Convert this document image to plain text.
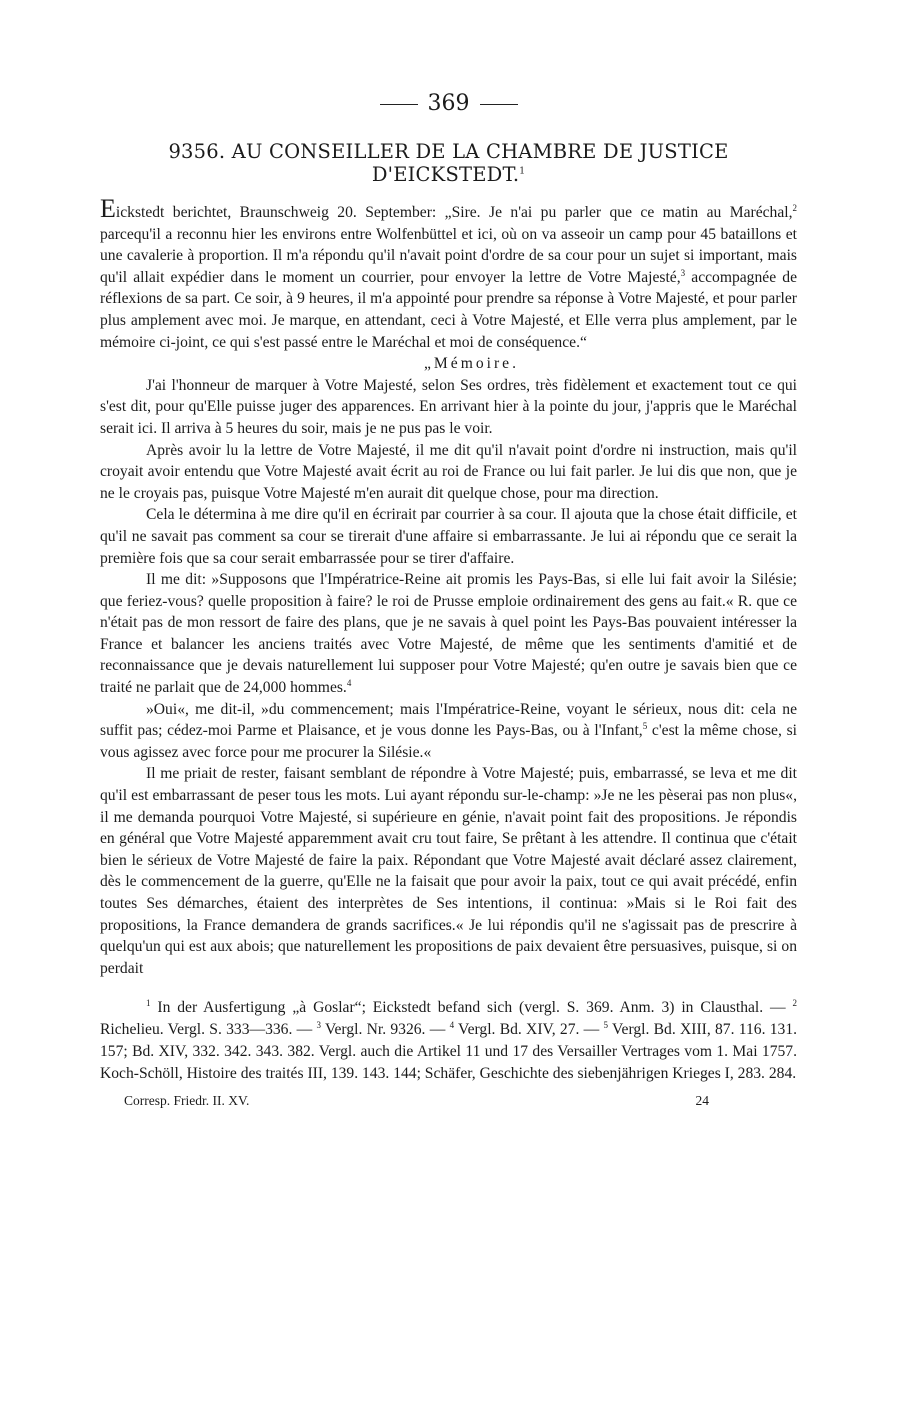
369
9356. AU CONSEILLER DE LA CHAMBRE DE JUSTICE
D'EICKSTEDT.$^1$

Eickstedt berichtet, Braunschweig 20. September: „Sire. Je n'ai pu parler que ce matin au Maréchal,$^2$ parcequ'il a reconnu hier les environs entre Wolfenbüttel et ici, où on va asseoir un camp pour 45 bataillons et une cavalerie à proportion. Il m'a répondu qu'il n'avait point d'ordre de sa cour pour un sujet si important, mais qu'il allait expédier dans le moment un courrier, pour envoyer la lettre de Votre Majesté,$^3$ accompagnée de réflexions de sa part. Ce soir, à 9 heures, il m'a appointé pour prendre sa réponse à Votre Majesté, et pour parler plus amplement avec moi. Je marque, en attendant, ceci à Votre Majesté, et Elle verra plus amplement, par le mémoire ci-joint, ce qui s'est passé entre le Maréchal et moi de conséquence.“

„Mémoire.

J'ai l'honneur de marquer à Votre Majesté, selon Ses ordres, très fidèlement et exactement tout ce qui s'est dit, pour qu'Elle puisse juger des apparences. En arrivant hier à la pointe du jour, j'appris que le Maréchal serait ici. Il arriva à 5 heures du soir, mais je ne pus pas le voir.

Après avoir lu la lettre de Votre Majesté, il me dit qu'il n'avait point d'ordre ni instruction, mais qu'il croyait avoir entendu que Votre Majesté avait écrit au roi de France ou lui fait parler. Je lui dis que non, que je ne le croyais pas, puisque Votre Majesté m'en aurait dit quelque chose, pour ma direction.

Cela le détermina à me dire qu'il en écrirait par courrier à sa cour. Il ajouta que la chose était difficile, et qu'il ne savait pas comment sa cour se tirerait d'une affaire si embarrassante. Je lui ai répondu que ce serait la première fois que sa cour serait embarrassée pour se tirer d'affaire.

Il me dit: »Supposons que l'Impératrice-Reine ait promis les Pays-Bas, si elle lui fait avoir la Silésie; que feriez-vous? quelle proposition à faire? le roi de Prusse emploie ordinairement des gens au fait.« R. que ce n'était pas de mon ressort de faire des plans, que je ne savais à quel point les Pays-Bas pouvaient intéresser la France et balancer les anciens traités avec Votre Majesté, de même que les sentiments d'amitié et de reconnaissance que je devais naturellement lui supposer pour Votre Majesté; qu'en outre je savais bien que ce traité ne parlait que de 24,000 hommes.$^4$

»Oui«, me dit-il, »du commencement; mais l'Impératrice-Reine, voyant le sérieux, nous dit: cela ne suffit pas; cédez-moi Parme et Plaisance, et je vous donne les Pays-Bas, ou à l'Infant,$^5$ c'est la même chose, si vous agissez avec force pour me procurer la Silésie.«

Il me priait de rester, faisant semblant de répondre à Votre Majesté; puis, embarrassé, se leva et me dit qu'il est embarrassant de peser tous les mots. Lui ayant répondu sur-le-champ: »Je ne les pèserai pas non plus«, il me demanda pourquoi Votre Majesté, si supérieure en génie, n'avait point fait des propositions. Je répondis en général que Votre Majesté apparemment avait cru tout faire, Se prêtant à les attendre. Il continua que c'était bien le sérieux de Votre Majesté de faire la paix. Répondant que Votre Majesté avait déclaré assez clairement, dès le commencement de la guerre, qu'Elle ne la faisait que pour avoir la paix, tout ce qui avait précédé, enfin toutes Ses démarches, étaient des interprètes de Ses intentions, il continua: »Mais si le Roi fait des propositions, la France demandera de grands sacrifices.« Je lui répondis qu'il ne s'agissait pas de prescrire à quelqu'un qui est aux abois; que naturellement les propositions de paix devaient être persuasives, puisque, si on perdait

$^1$ In der Ausfertigung „à Goslar“; Eickstedt befand sich (vergl. S. 369. Anm. 3) in Clausthal. — $^2$ Richelieu. Vergl. S. 333—336. — $^3$ Vergl. Nr. 9326. — $^4$ Vergl. Bd. XIV, 27. — $^5$ Vergl. Bd. XIII, 87. 116. 131. 157; Bd. XIV, 332. 342. 343. 382. Vergl. auch die Artikel 11 und 17 des Versailler Vertrages vom 1. Mai 1757. Koch-Schöll, Histoire des traités III, 139. 143. 144; Schäfer, Geschichte des siebenjährigen Krieges I, 283. 284.

Corresp. Friedr. II. XV.	24
